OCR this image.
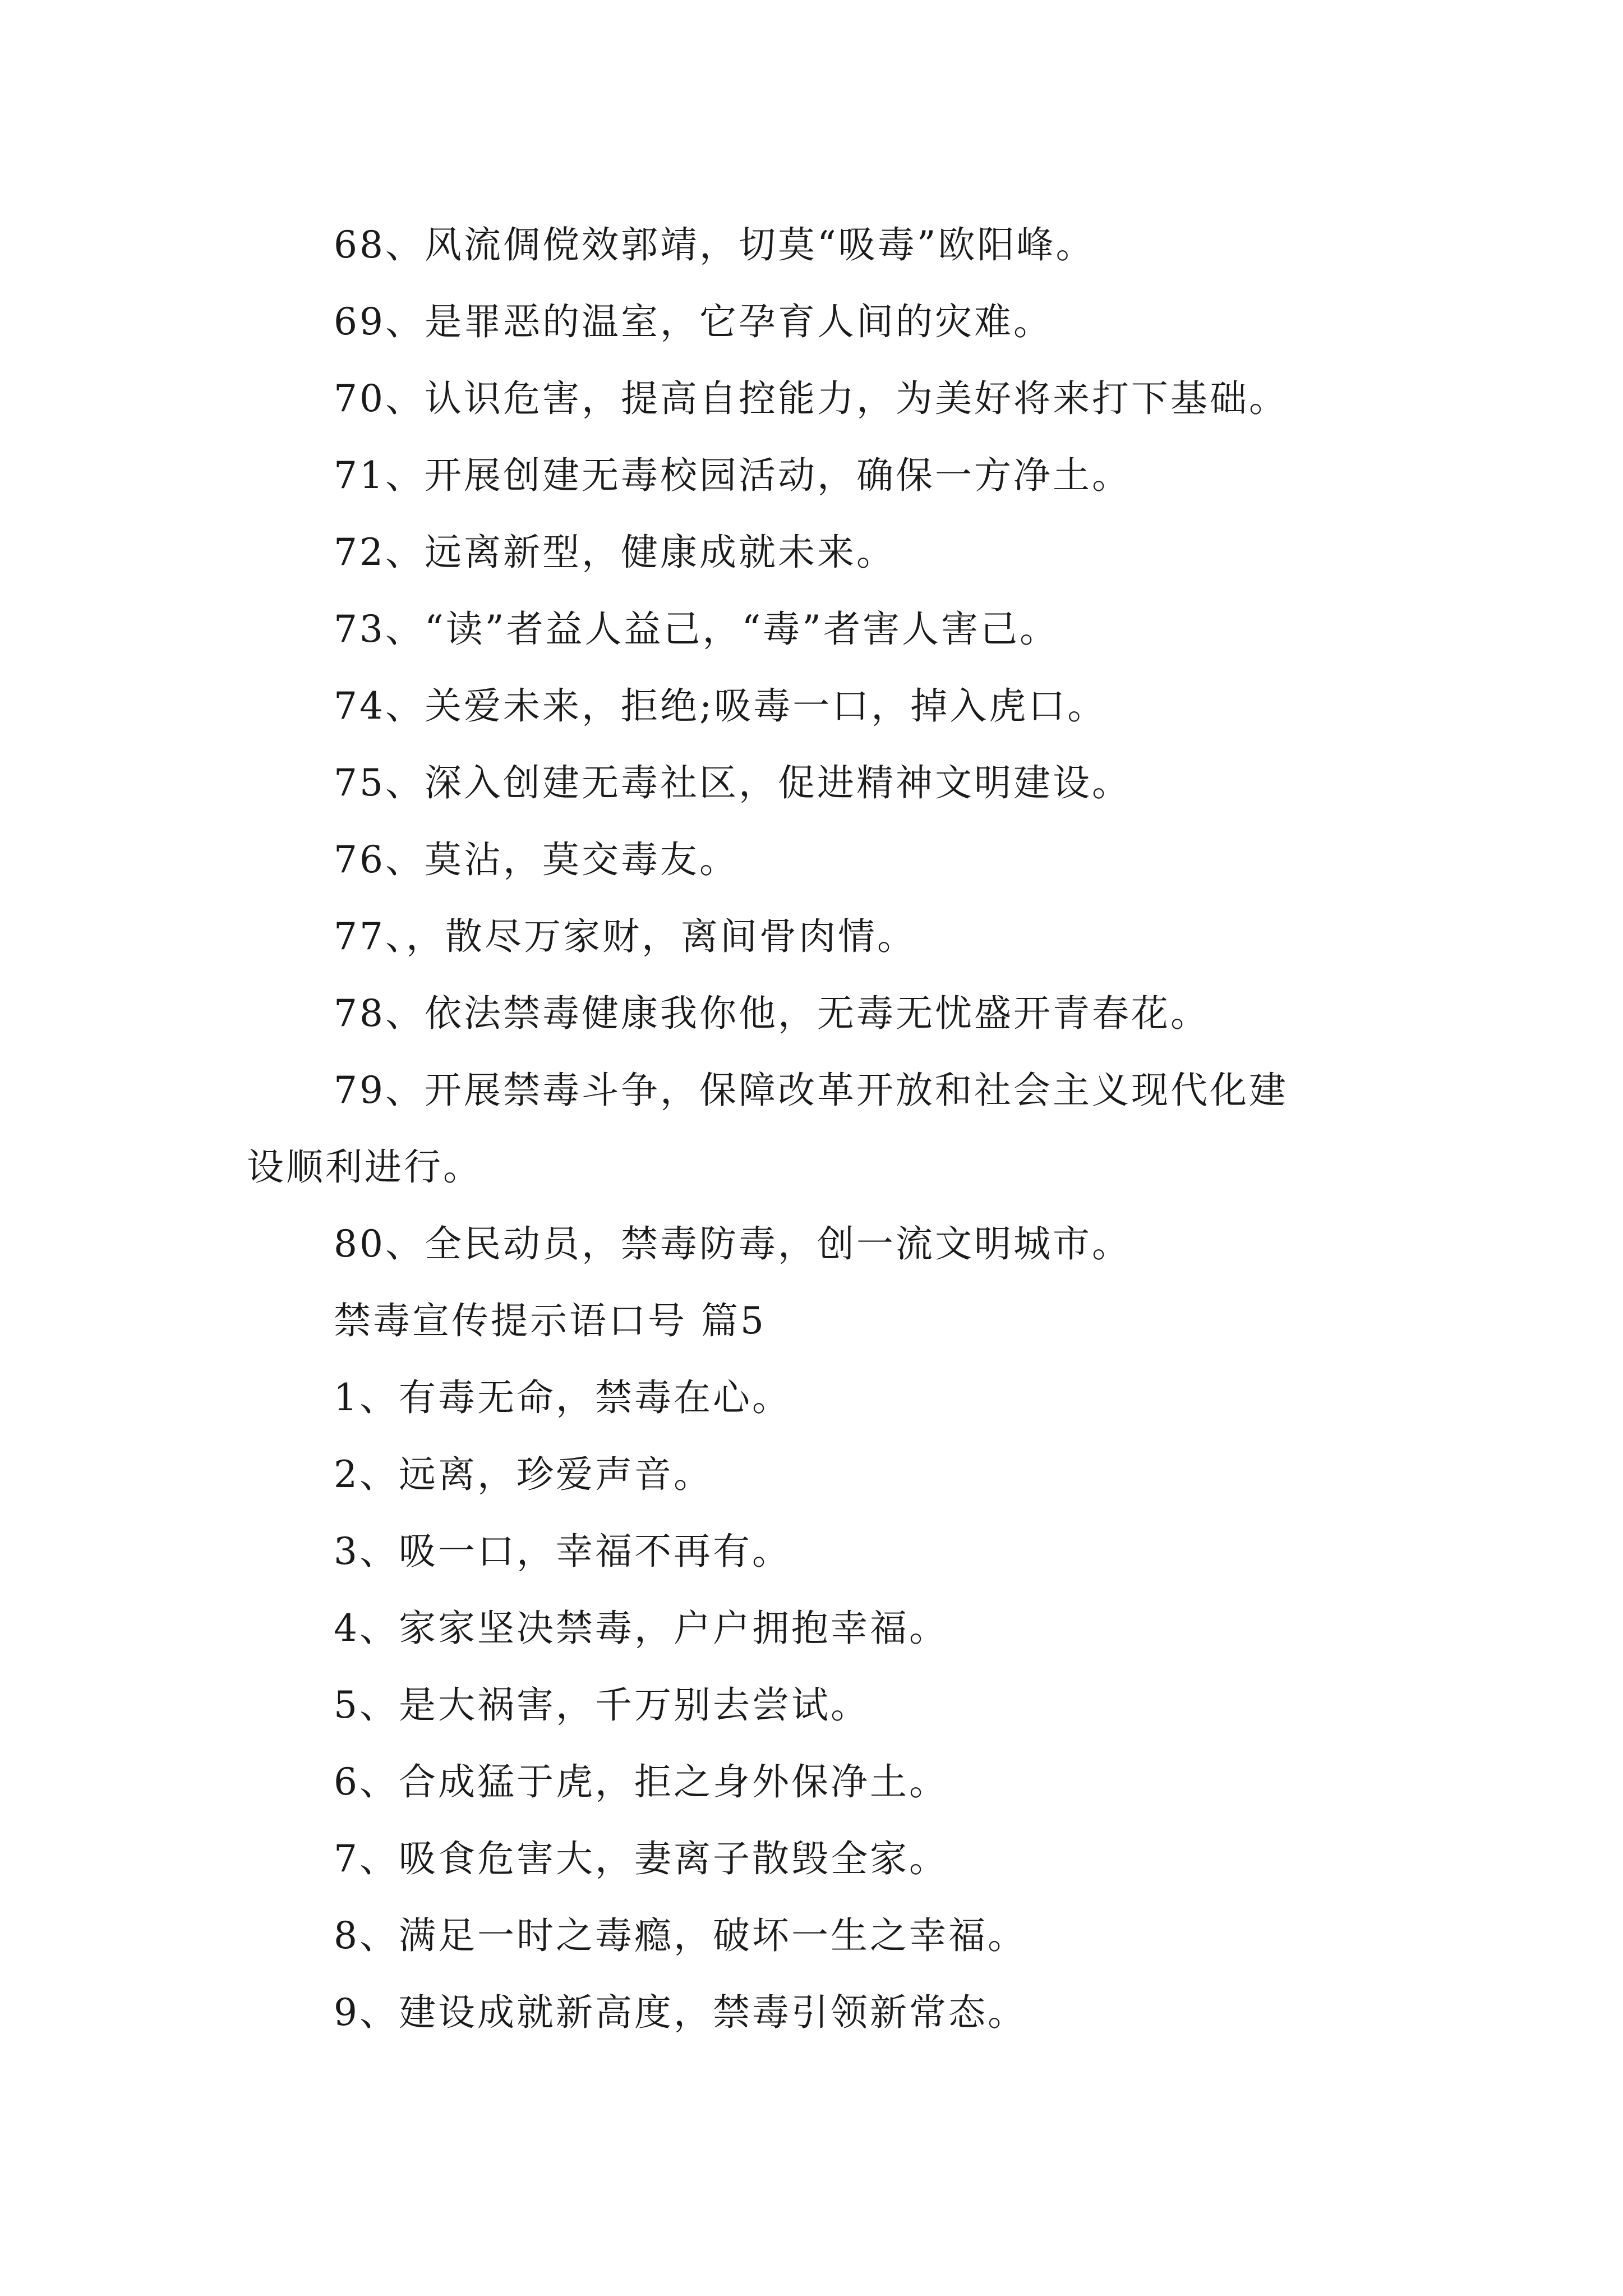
68、风流倜傥效郭靖，切莫“吸毒”欧阳峰。
69、是罪恶的温室，它孕育人间的灾难。
70、认识危害，提高自控能力，为美好将来打下基础。
71、开展创建无毒校园活动，确保一方净土。
72、远离新型，健康成就未来。
73、“读”者益人益己，“毒”者害人害己。
74、关爱未来，拒绝;吸毒一口，掉入虎口。
75、深入创建无毒社区，促进精神文明建设。
76、莫沾，莫交毒友。
77、，散尽万家财，离间骨肉情。
78、依法禁毒健康我你他，无毒无忧盛开青春花。
79、开展禁毒斗争，保障改革开放和社会主义现代化建
设顺利进行。
80、全民动员，禁毒防毒，创一流文明城市。
禁毒宣传提示语口号 篇5
1、有毒无命，禁毒在心。
2、远离，珍爱声音。
3、吸一口，幸福不再有。
4、家家坚决禁毒，户户拥抱幸福。
5、是大祸害，千万别去尝试。
6、合成猛于虎，拒之身外保净土。
7、吸食危害大，妻离子散毁全家。
8、满足一时之毒瘾，破坏一生之幸福。
9、建设成就新高度，禁毒引领新常态。
